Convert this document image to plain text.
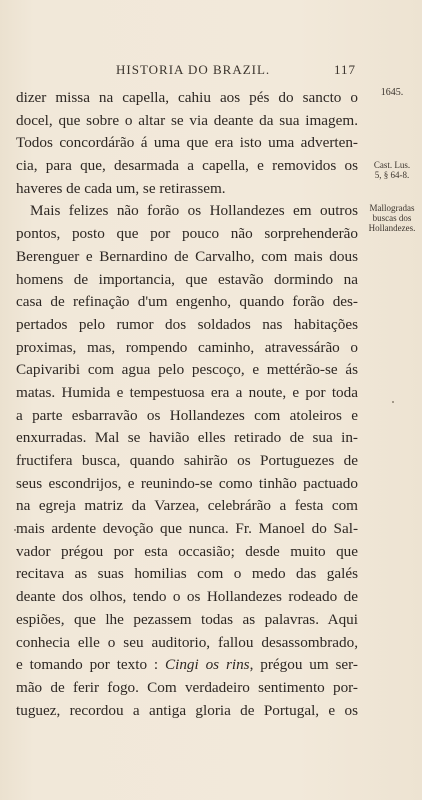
HISTORIA DO BRAZIL.	117
1645.
Cast. Lus.
5, § 64-8.
Mallogradas
buscas dos
Hollandezes.
dizer missa na capella, cahiu aos pés do sancto o
docel, que sobre o altar se via deante da sua imagem.
Todos concordárão á uma que era isto uma adverten-
cia, para que, desarmada a capella, e removidos os
haveres de cada um, se retirassem.
Mais felizes não forão os Hollandezes em outros
pontos, posto que por pouco não sorprehenderão
Berenguer e Bernardino de Carvalho, com mais dous
homens de importancia, que estavão dormindo na
casa de refinação d'um engenho, quando forão des-
pertados pelo rumor dos soldados nas habitações
proximas, mas, rompendo caminho, atravessárão o
Capivaribi com agua pelo pescoço, e mettérão-se ás
matas. Humida e tempestuosa era a noute, e por toda
a parte esbarravão os Hollandezes com atoleiros e
enxurradas. Mal se havião elles retirado de sua in-
fructifera busca, quando sahirão os Portuguezes de
seus escondrijos, e reunindo-se como tinhão pactuado
na egreja matriz da Varzea, celebrárão a festa com
mais ardente devoção que nunca. Fr. Manoel do Sal-
vador prégou por esta occasião; desde muito que
recitava as suas homilias com o medo das galés
deante dos olhos, tendo o os Hollandezes rodeado de
espiões, que lhe pezassem todas as palavras. Aqui
conhecia elle o seu auditorio, fallou desassombrado,
e tomando por texto : Cingi os rins, prégou um ser-
mão de ferir fogo. Com verdadeiro sentimento por-
tuguez, recordou a antiga gloria de Portugal, e os
